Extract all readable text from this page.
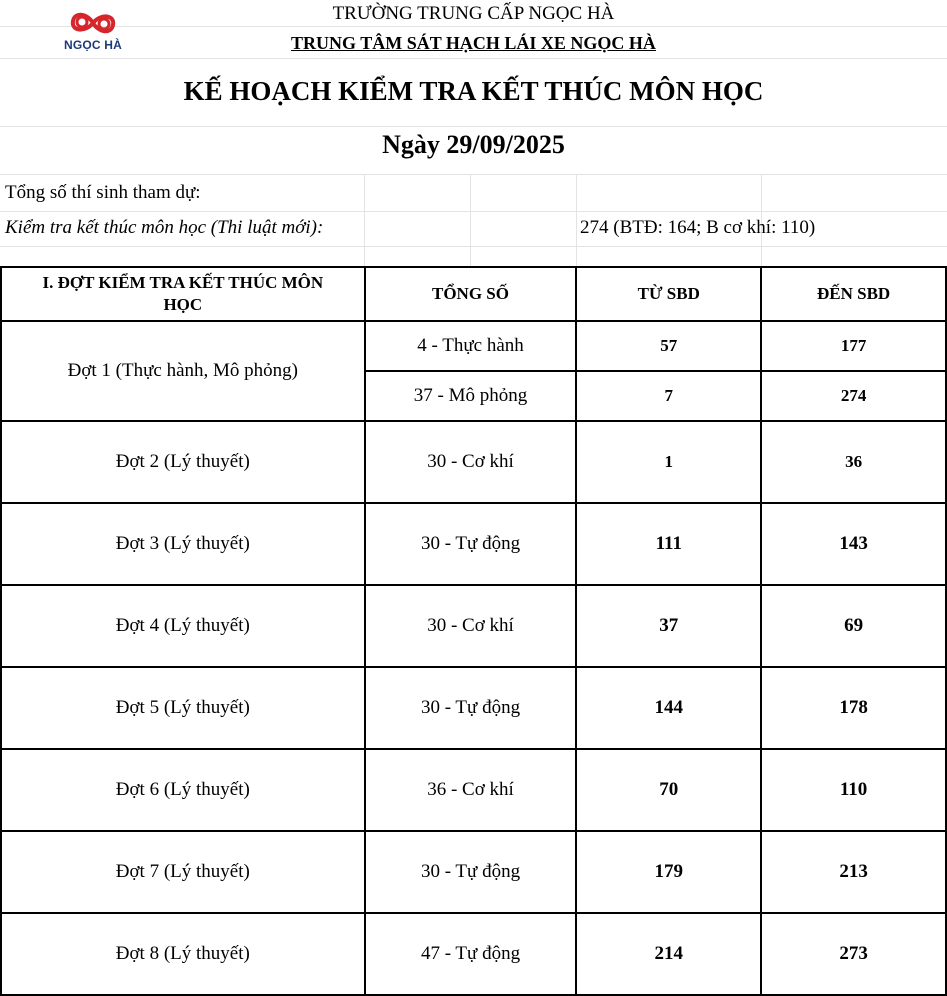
NGỌC HÀ
TRƯỜNG TRUNG CẤP NGỌC HÀ
TRUNG TÂM SÁT HẠCH LÁI XE NGỌC HÀ
KẾ HOẠCH KIỂM TRA KẾT THÚC MÔN HỌC
Ngày 29/09/2025
Tổng số thí sinh tham dự:
Kiểm tra kết thúc môn học (Thi luật mới):	274 (BTĐ: 164; B cơ khí: 110)
I. ĐỢT KIỂM TRA KẾT THÚC MÔN HỌC	TỔNG SỐ	TỪ SBD	ĐẾN SBD
Đợt 1 (Thực hành, Mô phỏng)	4 - Thực hành	57	177
	37 - Mô phỏng	7	274
Đợt 2 (Lý thuyết)	30 - Cơ khí	1	36
Đợt 3 (Lý thuyết)	30 - Tự động	111	143
Đợt 4 (Lý thuyết)	30 - Cơ khí	37	69
Đợt 5 (Lý thuyết)	30 - Tự động	144	178
Đợt 6 (Lý thuyết)	36 - Cơ khí	70	110
Đợt 7 (Lý thuyết)	30 - Tự động	179	213
Đợt 8 (Lý thuyết)	47 - Tự động	214	273
